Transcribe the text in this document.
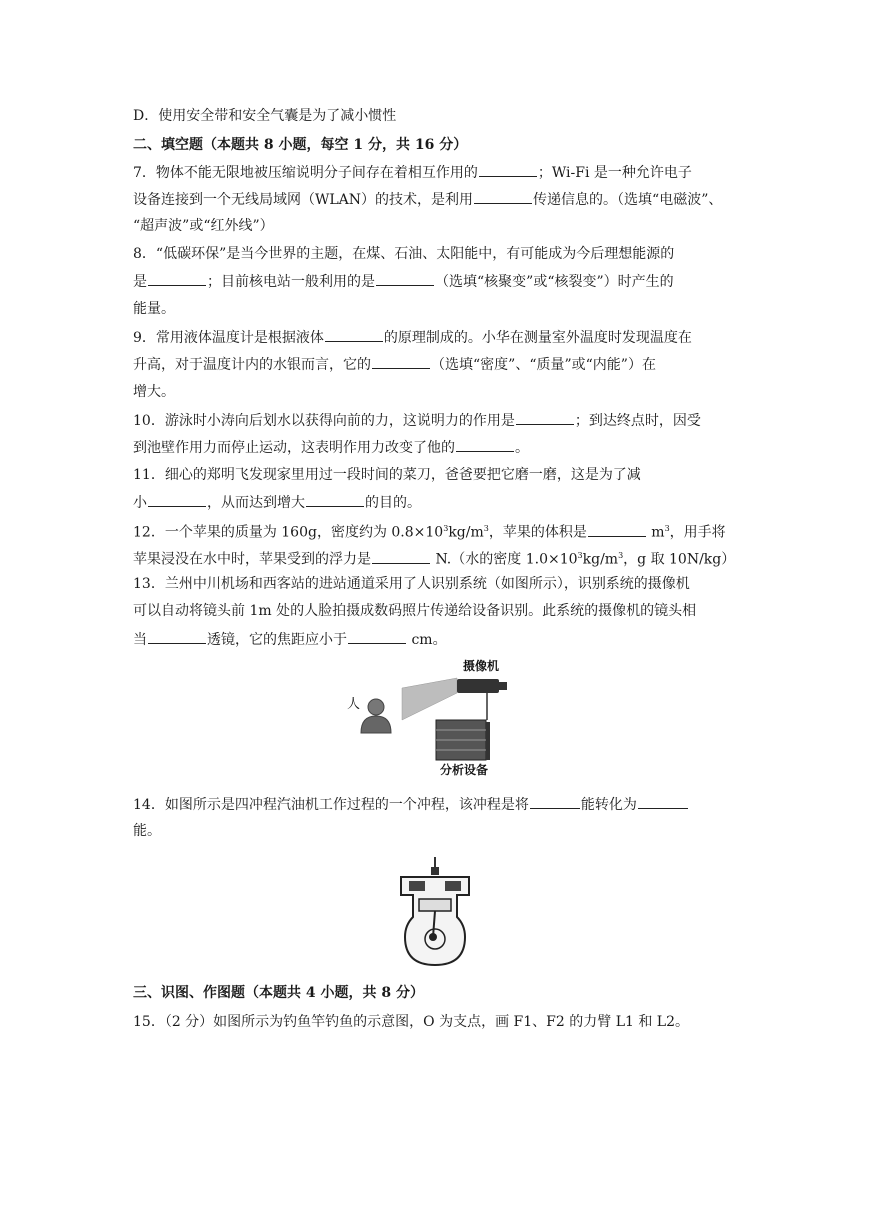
D．使用安全带和安全气囊是为了减小惯性
二、填空题（本题共 8 小题，每空 1 分，共 16 分）
7．物体不能无限地被压缩说明分子间存在着相互作用的	；Wi-Fi 是一种允许电子
设备连接到一个无线局域网（WLAN）的技术，是利用	传递信息的。（选填“电磁波”、
“超声波”或“红外线”）
8．“低碳环保”是当今世界的主题，在煤、石油、太阳能中，有可能成为今后理想能源的
是	；目前核电站一般利用的是	（选填“核聚变”或“核裂变”）时产生的
能量。
9．常用液体温度计是根据液体	的原理制成的。小华在测量室外温度时发现温度在
升高，对于温度计内的水银而言，它的	（选填“密度”、“质量”或“内能”）在
增大。
10．游泳时小涛向后划水以获得向前的力，这说明力的作用是	；到达终点时，因受
到池壁作用力而停止运动，这表明作用力改变了他的	。
11．细心的郑明飞发现家里用过一段时间的菜刀，爸爸要把它磨一磨，这是为了减
小	，从而达到增大	的目的。
12．一个苹果的质量为 160g，密度约为 $0.8\times 10^3kg/m^3$，苹果的体积是	$m^3$，用手将
苹果浸没在水中时，苹果受到的浮力是	N.（水的密度 $1.0\times 10^3kg/m^3$，g 取 10N/kg）
13．兰州中川机场和西客站的进站通道采用了人识别系统（如图所示），识别系统的摄像机
可以自动将镜头前 1m 处的人脸拍摄成数码照片传递给设备识别。此系统的摄像机的镜头相
当	透镜，它的焦距应小于	cm。
人
摄像机
分析设备
14．如图所示是四冲程汽油机工作过程的一个冲程，该冲程是将	能转化为
能。
三、识图、作图题（本题共 4 小题，共 8 分）
15．（2 分）如图所示为钓鱼竿钓鱼的示意图，O 为支点，画 F1、F2 的力臂 L1 和 L2。
